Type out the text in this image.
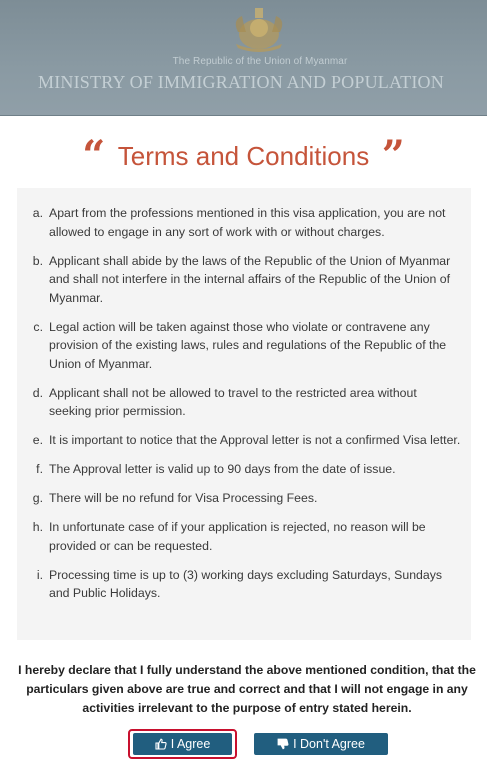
The Republic of the Union of Myanmar
MINISTRY OF IMMIGRATION AND POPULATION
“ Terms and Conditions ”
a. Apart from the professions mentioned in this visa application, you are not allowed to engage in any sort of work with or without charges.
b. Applicant shall abide by the laws of the Republic of the Union of Myanmar and shall not interfere in the internal affairs of the Republic of the Union of Myanmar.
c. Legal action will be taken against those who violate or contravene any provision of the existing laws, rules and regulations of the Republic of the Union of Myanmar.
d. Applicant shall not be allowed to travel to the restricted area without seeking prior permission.
e. It is important to notice that the Approval letter is not a confirmed Visa letter.
f. The Approval letter is valid up to 90 days from the date of issue.
g. There will be no refund for Visa Processing Fees.
h. In unfortunate case of if your application is rejected, no reason will be provided or can be requested.
i. Processing time is up to (3) working days excluding Saturdays, Sundays and Public Holidays.
I hereby declare that I fully understand the above mentioned condition, that the particulars given above are true and correct and that I will not engage in any activities irrelevant to the purpose of entry stated herein.
I Agree	I Don't Agree
